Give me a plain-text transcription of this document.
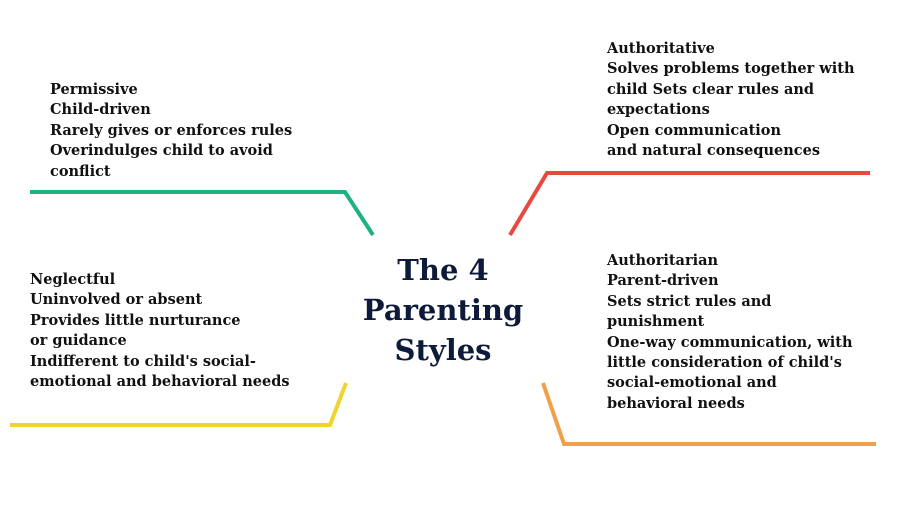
Permissive
Child-driven
Rarely gives or enforces rules
Overindulges child to avoid
conflict
Authoritative
Solves problems together with
child Sets clear rules and
expectations
Open communication
and natural consequences
The 4
Parenting
Styles
Neglectful
Uninvolved or absent
Provides little nurturance
or guidance
Indifferent to child's social-
emotional and behavioral needs
Authoritarian
Parent-driven
Sets strict rules and
punishment
One-way communication, with
little consideration of child's
social-emotional and
behavioral needs
